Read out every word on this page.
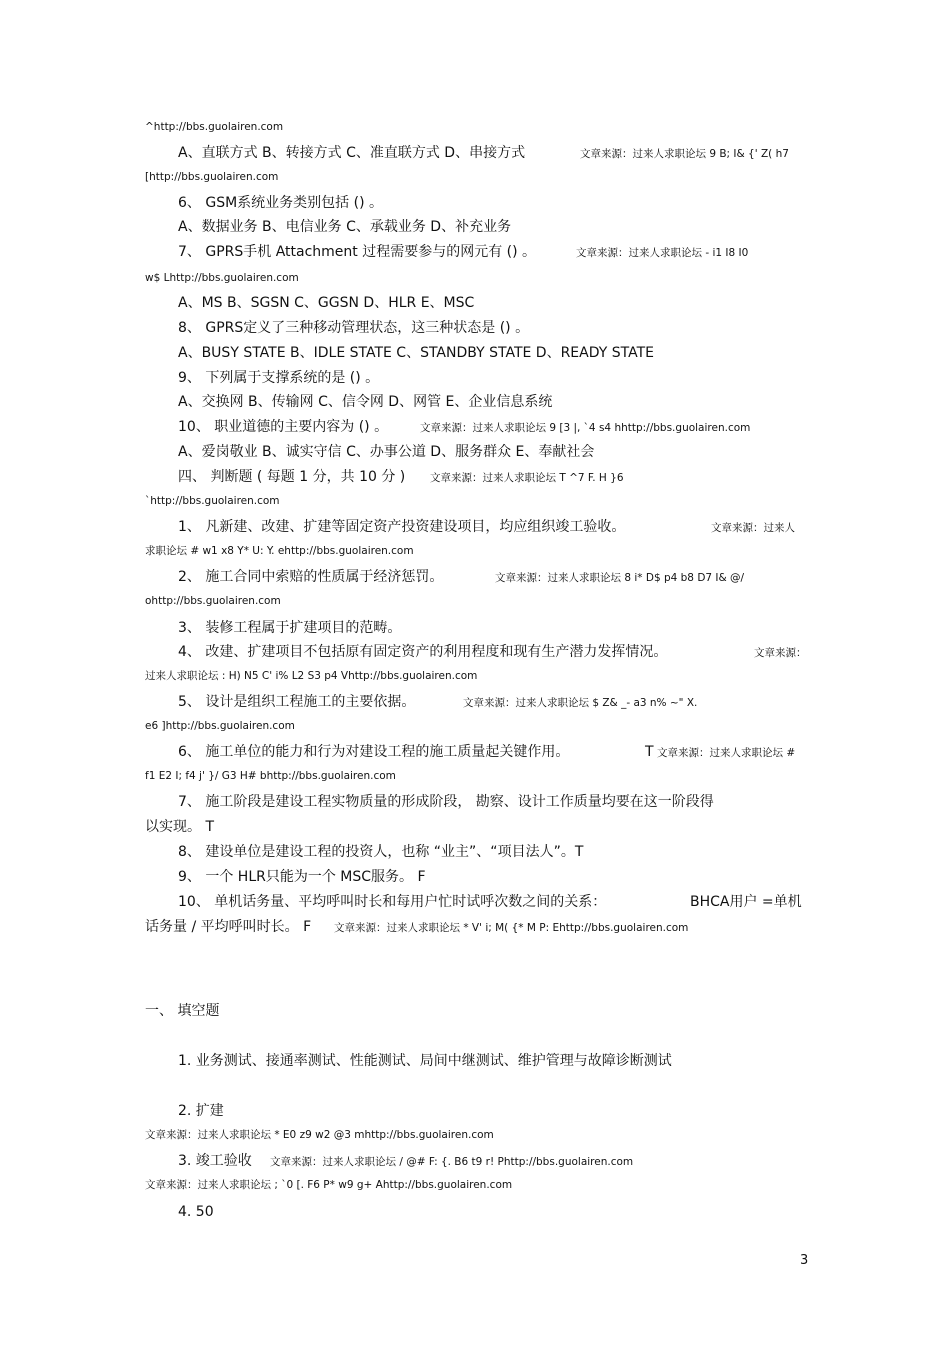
^http://bbs.guolairen.com
A、直联方式 B、转接方式 C、准直联方式 D、串接方式	文章来源：过来人求职论坛 9 B; I& {' Z( h7
[http://bbs.guolairen.com
6、 GSM系统业务类别包括 () 。
A、数据业务 B、电信业务 C、承载业务 D、补充业务
7、 GPRS手机 Attachment 过程需要参与的网元有 () 。	文章来源：过来人求职论坛 - i1 I8 I0
w$ Lhttp://bbs.guolairen.com
A、MS B、SGSN C、GGSN D、HLR E、MSC
8、 GPRS定义了三种移动管理状态，这三种状态是 () 。
A、BUSY STATE B、IDLE STATE C、STANDBY STATE D、READY STATE
9、 下列属于支撑系统的是 () 。
A、交换网 B、传输网 C、信令网 D、网管 E、企业信息系统
10、 职业道德的主要内容为 () 。	文章来源：过来人求职论坛 9 [3 |, `4 s4 hhttp://bbs.guolairen.com
A、爱岗敬业 B、诚实守信 C、办事公道 D、服务群众 E、奉献社会
四、 判断题 ( 每题 1 分，共 10 分 ) 文章来源：过来人求职论坛 T ^7 F. H }6
`http://bbs.guolairen.com
1、 凡新建、改建、扩建等固定资产投资建设项目，均应组织竣工验收。	文章来源：过来人
求职论坛 # w1 x8 Y* U: Y. ehttp://bbs.guolairen.com
2、 施工合同中索赔的性质属于经济惩罚。	文章来源：过来人求职论坛 8 i* D$ p4 b8 D7 I& @/
ohttp://bbs.guolairen.com
3、 装修工程属于扩建项目的范畴。
4、 改建、扩建项目不包括原有固定资产的利用程度和现有生产潜力发挥情况。	文章来源：
过来人求职论坛 : H) N5 C' i% L2 S3 p4 Vhttp://bbs.guolairen.com
5、 设计是组织工程施工的主要依据。	文章来源：过来人求职论坛 $ Z& _- a3 n% ~" X.
e6 ]http://bbs.guolairen.com
6、 施工单位的能力和行为对建设工程的施工质量起关键作用。	T 文章来源：过来人求职论坛 #
f1 E2 I; f4 j' }/ G3 H# bhttp://bbs.guolairen.com
7、 施工阶段是建设工程实物质量的形成阶段， 勘察、设计工作质量均要在这一阶段得
以实现。 T
8、 建设单位是建设工程的投资人，也称 “业主”、“项目法人”。T
9、 一个 HLR只能为一个 MSC服务。 F
10、 单机话务量、平均呼叫时长和每用户忙时试呼次数之间的关系：	BHCA用户 =单机
话务量 / 平均呼叫时长。 F 文章来源：过来人求职论坛 * V' i; M( {* M P: Ehttp://bbs.guolairen.com
一、 填空题
1. 业务测试、接通率测试、性能测试、局间中继测试、维护管理与故障诊断测试
2. 扩建
文章来源：过来人求职论坛 * E0 z9 w2 @3 mhttp://bbs.guolairen.com
3. 竣工验收 文章来源：过来人求职论坛 / @# F: {. B6 t9 r! Phttp://bbs.guolairen.com
文章来源：过来人求职论坛 ; `0 [. F6 P* w9 g+ Ahttp://bbs.guolairen.com
4. 50
3
